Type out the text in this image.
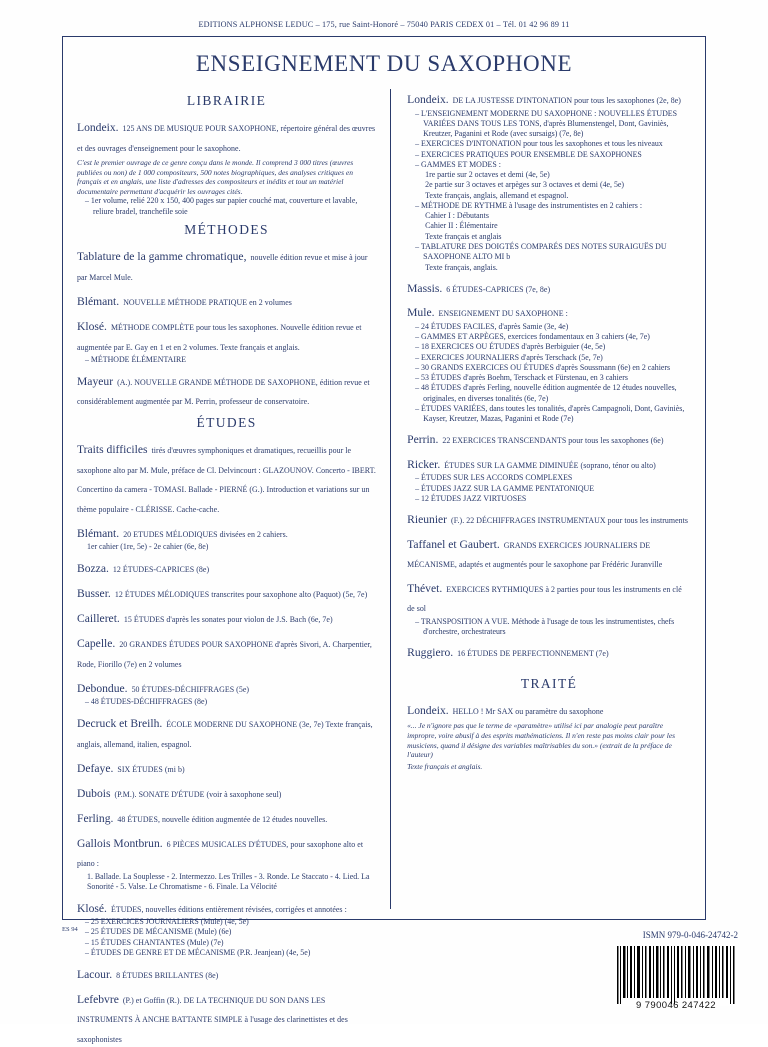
EDITIONS ALPHONSE LEDUC – 175, rue Saint-Honoré – 75040 PARIS CEDEX 01 – Tél. 01 42 96 89 11
ENSEIGNEMENT DU SAXOPHONE
LIBRAIRIE
Londeix. 125 ANS DE MUSIQUE POUR SAXOPHONE, répertoire général des œuvres et des ouvrages d'enseignement pour le saxophone.
C'est le premier ouvrage de ce genre conçu dans le monde. Il comprend 3 000 titres (œuvres publiées ou non) de 1 000 compositeurs, 500 notes biographiques, des analyses critiques en français et en anglais, une liste d'adresses des compositeurs et inédits et tout un matériel documentaire permettant d'acquérir les ouvrages cités.
– 1er volume, relié 220 x 150, 400 pages sur papier couché mat, couverture et lavable, reliure bradel, tranchefile soie
MÉTHODES
Tablature de la gamme chromatique, nouvelle édition revue et mise à jour par Marcel Mule.
Blémant. NOUVELLE MÉTHODE PRATIQUE en 2 volumes
Klosé. MÉTHODE COMPLÈTE pour tous les saxophones. Nouvelle édition revue et augmentée par E. Gay en 1 et en 2 volumes. Texte français et anglais.
– MÉTHODE ÉLÉMENTAIRE
Mayeur (A.). NOUVELLE GRANDE MÉTHODE DE SAXOPHONE, édition revue et considérablement augmentée par M. Perrin, professeur de conservatoire.
ÉTUDES
Traits difficiles tirés d'œuvres symphoniques et dramatiques, recueillis pour le saxophone alto par M. Mule, préface de Cl. Delvincourt : GLAZOUNOV. Concerto - IBERT. Concertino da camera - TOMASI. Ballade - PIERNÉ (G.). Introduction et variations sur un thème populaire - CLÉRISSE. Cache-cache.
Blémant. 20 ETUDES MÉLODIQUES divisées en 2 cahiers.
1er cahier (1re, 5e) - 2e cahier (6e, 8e)
Bozza. 12 ÉTUDES-CAPRICES (8e)
Busser. 12 ÉTUDES MÉLODIQUES transcrites pour saxophone alto (Paquot) (5e, 7e)
Cailleret. 15 ÉTUDES d'après les sonates pour violon de J.S. Bach (6e, 7e)
Capelle. 20 GRANDES ÉTUDES POUR SAXOPHONE d'après Sivori, A. Charpentier, Rode, Fiorillo (7e) en 2 volumes
Debondue. 50 ÉTUDES-DÉCHIFFRAGES (5e)
– 48 ÉTUDES-DÉCHIFFRAGES (8e)
Decruck et Breilh. ÉCOLE MODERNE DU SAXOPHONE (3e, 7e) Texte français, anglais, allemand, italien, espagnol.
Defaye. SIX ÉTUDES (mi b)
Dubois (P.M.). SONATE D'ÉTUDE (voir à saxophone seul)
Ferling. 48 ÉTUDES, nouvelle édition augmentée de 12 études nouvelles.
Gallois Montbrun. 6 PIÈCES MUSICALES D'ÉTUDES, pour saxophone alto et piano :
1. Ballade. La Souplesse - 2. Intermezzo. Les Trilles - 3. Ronde. Le Staccato - 4. Lied. La Sonorité - 5. Valse. Le Chromatisme - 6. Finale. La Vélocité
Klosé. ÉTUDES, nouvelles éditions entièrement révisées, corrigées et annotées :
– 25 EXERCICES JOURNALIERS (Mule) (4e, 5e)
– 25 ÉTUDES DE MÉCANISME (Mule) (6e)
– 15 ÉTUDES CHANTANTES (Mule) (7e)
– ÉTUDES DE GENRE ET DE MÉCANISME (P.R. Jeanjean) (4e, 5e)
Lacour. 8 ÉTUDES BRILLANTES (8e)
Lefebvre (P.) et Goffin (R.). DE LA TECHNIQUE DU SON DANS LES INSTRUMENTS À ANCHE BATTANTE SIMPLE à l'usage des clarinettistes et des saxophonistes
Londeix. DE LA JUSTESSE D'INTONATION pour tous les saxophones (2e, 8e)
– L'ENSEIGNEMENT MODERNE DU SAXOPHONE : NOUVELLES ÉTUDES VARIÉES DANS TOUS LES TONS, d'après Blumenstengel, Dont, Gaviniès, Kreutzer, Paganini et Rode (avec sursaigs) (7e, 8e)
– EXERCICES D'INTONATION pour tous les saxophones et tous les niveaux
– EXERCICES PRATIQUES POUR ENSEMBLE DE SAXOPHONES
– GAMMES ET MODES :
1re partie sur 2 octaves et demi (4e, 5e)
2e partie sur 3 octaves et arpèges sur 3 octaves et demi (4e, 5e)
Texte français, anglais, allemand et espagnol.
– MÉTHODE DE RYTHME à l'usage des instrumentistes en 2 cahiers :
Cahier I : Débutants
Cahier II : Élémentaire
Texte français et anglais
– TABLATURE DES DOIGTÉS COMPARÉS DES NOTES SURAIGUËS DU SAXOPHONE ALTO MI b
Texte français, anglais.
Massis. 6 ÉTUDES-CAPRICES (7e, 8e)
Mule. ENSEIGNEMENT DU SAXOPHONE :
– 24 ÉTUDES FACILES, d'après Samie (3e, 4e)
– GAMMES ET ARPÈGES, exercices fondamentaux en 3 cahiers (4e, 7e)
– 18 EXERCICES OU ÉTUDES d'après Berbiguier (4e, 5e)
– EXERCICES JOURNALIERS d'après Terschack (5e, 7e)
– 30 GRANDS EXERCICES OU ÉTUDES d'après Soussmann (6e) en 2 cahiers
– 53 ÉTUDES d'après Boehm, Terschack et Fürstenau, en 3 cahiers
– 48 ÉTUDES d'après Ferling, nouvelle édition augmentée de 12 études nouvelles, originales, en diverses tonalités (6e, 7e)
– ÉTUDES VARIÉES, dans toutes les tonalités, d'après Campagnoli, Dont, Gaviniès, Kayser, Kreutzer, Mazas, Paganini et Rode (7e)
Perrin. 22 EXERCICES TRANSCENDANTS pour tous les saxophones (6e)
Ricker. ÉTUDES SUR LA GAMME DIMINUÉE (soprano, ténor ou alto)
– ÉTUDES SUR LES ACCORDS COMPLEXES
– ÉTUDES JAZZ SUR LA GAMME PENTATONIQUE
– 12 ÉTUDES JAZZ VIRTUOSES
Rieunier (F.). 22 DÉCHIFFRAGES INSTRUMENTAUX pour tous les instruments
Taffanel et Gaubert. GRANDS EXERCICES JOURNALIERS DE MÉCANISME, adaptés et augmentés pour le saxophone par Frédéric Juranville
Thévet. EXERCICES RYTHMIQUES à 2 parties pour tous les instruments en clé de sol
– TRANSPOSITION A VUE. Méthode à l'usage de tous les instrumentistes, chefs d'orchestre, orchestrateurs
Ruggiero. 16 ÉTUDES DE PERFECTIONNEMENT (7e)
TRAITÉ
Londeix. HELLO ! Mr SAX ou paramètre du saxophone
«... Je n'ignore pas que le terme de «paramètre» utilisé ici par analogie peut paraître impropre, voire abusif à des esprits mathématiciens. Il n'en reste pas moins clair pour les musiciens, quand il désigne des variables maîtrisables du son.» (extrait de la préface de l'auteur)
Texte français et anglais.
ES 94
ISMN 979-0-046-24742-2
9 790046 247422
